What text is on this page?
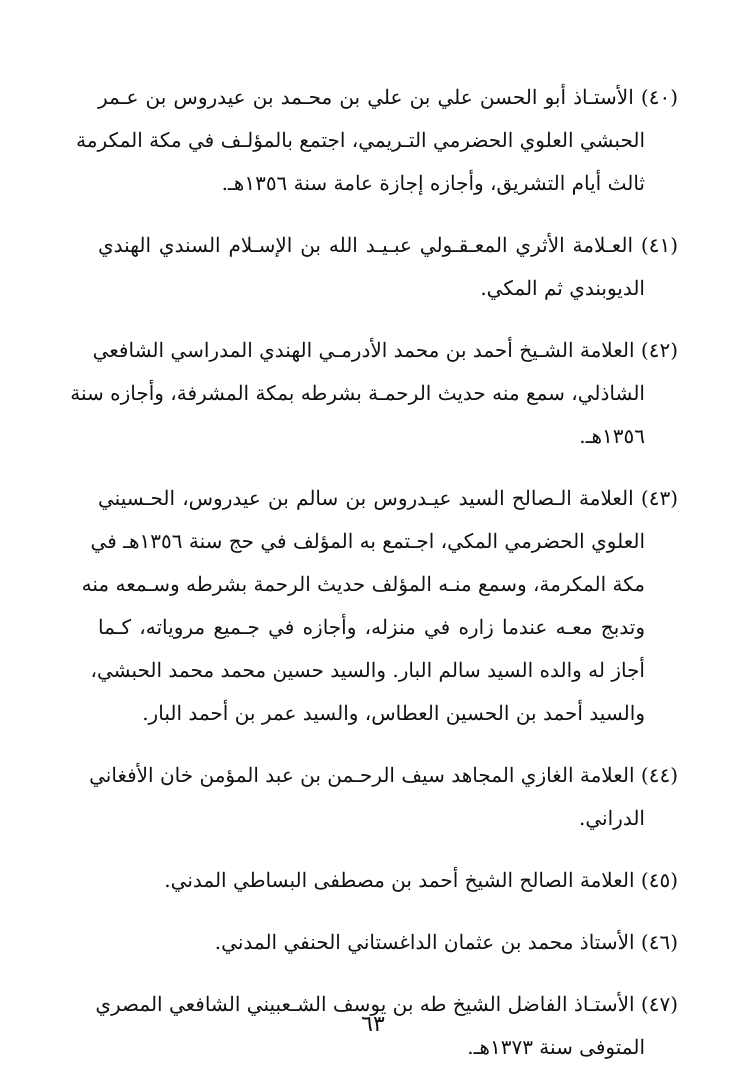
(٤٠) الأستـاذ أبو الحسن علي بن علي بن محـمد بن عيدروس بن عـمر
الحبشي العلوي الحضرمي التـريمي، اجتمع بالمؤلـف في مكة المكرمة
ثالث أيام التشريق، وأجازه إجازة عامة سنة ١٣٥٦هـ.
(٤١) العـلامة الأثري المعـقـولي عبـيـد الله بن الإسـلام السندي الهندي
الديوبندي ثم المكي.
(٤٢) العلامة الشـيخ أحمد بن محمد الأدرمـي الهندي المدراسي الشافعي
الشاذلي، سمع منه حديث الرحمـة بشرطه بمكة المشرفة، وأجازه سنة
١٣٥٦هـ.
(٤٣) العلامة الـصالح السيد عيـدروس بن سالم بن عيدروس، الحـسيني
العلوي الحضرمي المكي، اجـتمع به المؤلف في حج سنة ١٣٥٦هـ في
مكة المكرمة، وسمع منـه المؤلف حديث الرحمة بشرطه وسـمعه منه
وتدبج معـه عندما زاره في منزله، وأجازه في جـميع مروياته، كـما
أجاز له والده السيد سالم البار. والسيد حسين محمد محمد الحبشي،
والسيد أحمد بن الحسين العطاس، والسيد عمر بن أحمد البار.
(٤٤) العلامة الغازي المجاهد سيف الرحـمن بن عبد المؤمن خان الأفغاني
الدراني.
(٤٥) العلامة الصالح الشيخ أحمد بن مصطفى البساطي المدني.
(٤٦) الأستاذ محمد بن عثمان الداغستاني الحنفي المدني.
(٤٧) الأستـاذ الفاضل الشيخ طه بن يوسف الشـعبيني الشافعي المصري
المتوفى سنة ١٣٧٣هـ.
٦٣
